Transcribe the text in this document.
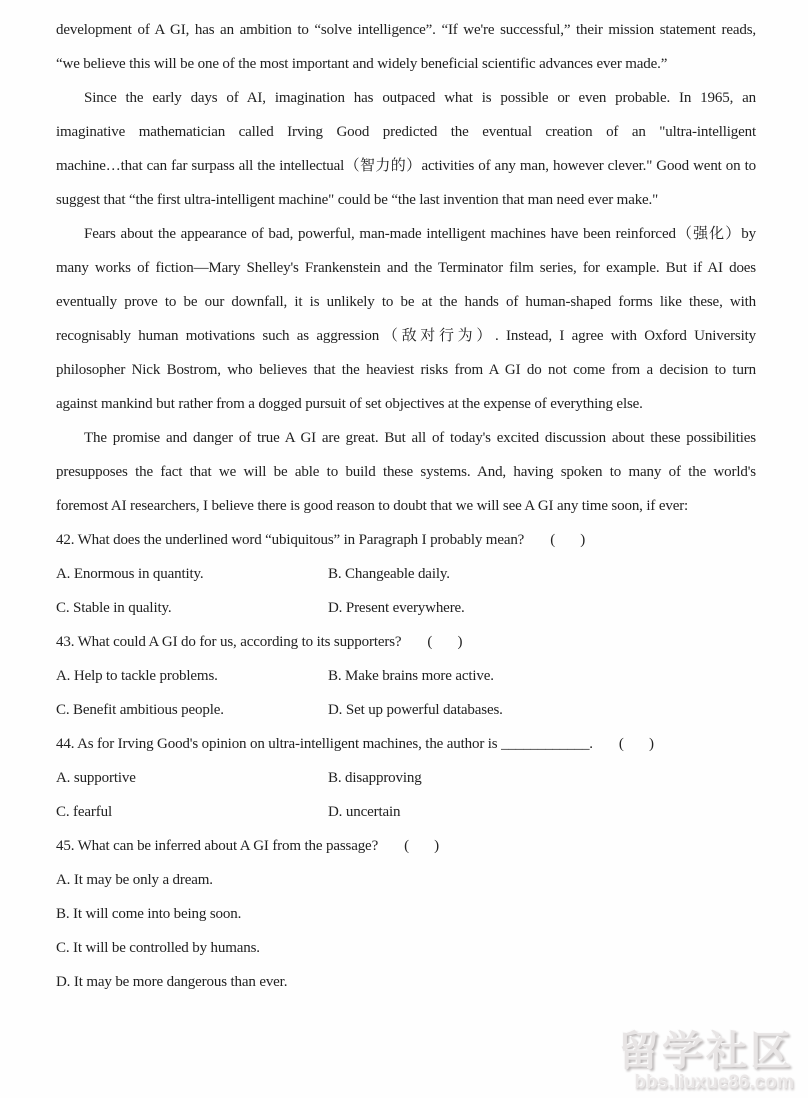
development of A GI, has an ambition to “solve intelligence”. “If we're successful,” their mission statement reads,
“we believe this will be one of the most important and widely beneficial scientific advances ever made.”
Since the early days of AI, imagination has outpaced what is possible or even probable. In 1965, an
imaginative mathematician called Irving Good predicted the eventual creation of an "ultra-intelligent
machine…that can far surpass all the intellectual（智力的）activities of any man, however clever." Good went on to
suggest that “the first ultra-intelligent machine" could be “the last invention that man need ever make."
Fears about the appearance of bad, powerful, man-made intelligent machines have been reinforced（强化）by
many works of fiction—Mary Shelley's Frankenstein and the Terminator film series, for example. But if AI does
eventually prove to be our downfall, it is unlikely to be at the hands of human-shaped forms like these, with
recognisably human motivations such as aggression（敌对行为）. Instead, I agree with Oxford University
philosopher Nick Bostrom, who believes that the heaviest risks from A GI do not come from a decision to turn
against mankind but rather from a dogged pursuit of set objectives at the expense of everything else.
The promise and danger of true A GI are great. But all of today's excited discussion about these possibilities
presupposes the fact that we will be able to build these systems. And, having spoken to many of the world's
foremost AI researchers, I believe there is good reason to doubt that we will see A GI any time soon, if ever:
42. What does the underlined word “ubiquitous” in Paragraph I probably mean? (       )
A. Enormous in quantity.	B. Changeable daily.
C. Stable in quality.	D. Present everywhere.
43. What could A GI do for us, according to its supporters? (       )
A. Help to tackle problems.	B. Make brains more active.
C. Benefit ambitious people.	D. Set up powerful databases.
44. As for Irving Good's opinion on ultra-intelligent machines, the author is ____________. (       )
A. supportive	B. disapproving
C. fearful	D. uncertain
45. What can be inferred about A GI from the passage? (       )
A. It may be only a dream.
B. It will come into being soon.
C. It will be controlled by humans.
D. It may be more dangerous than ever.
留学社区
bbs.liuxue86.com
